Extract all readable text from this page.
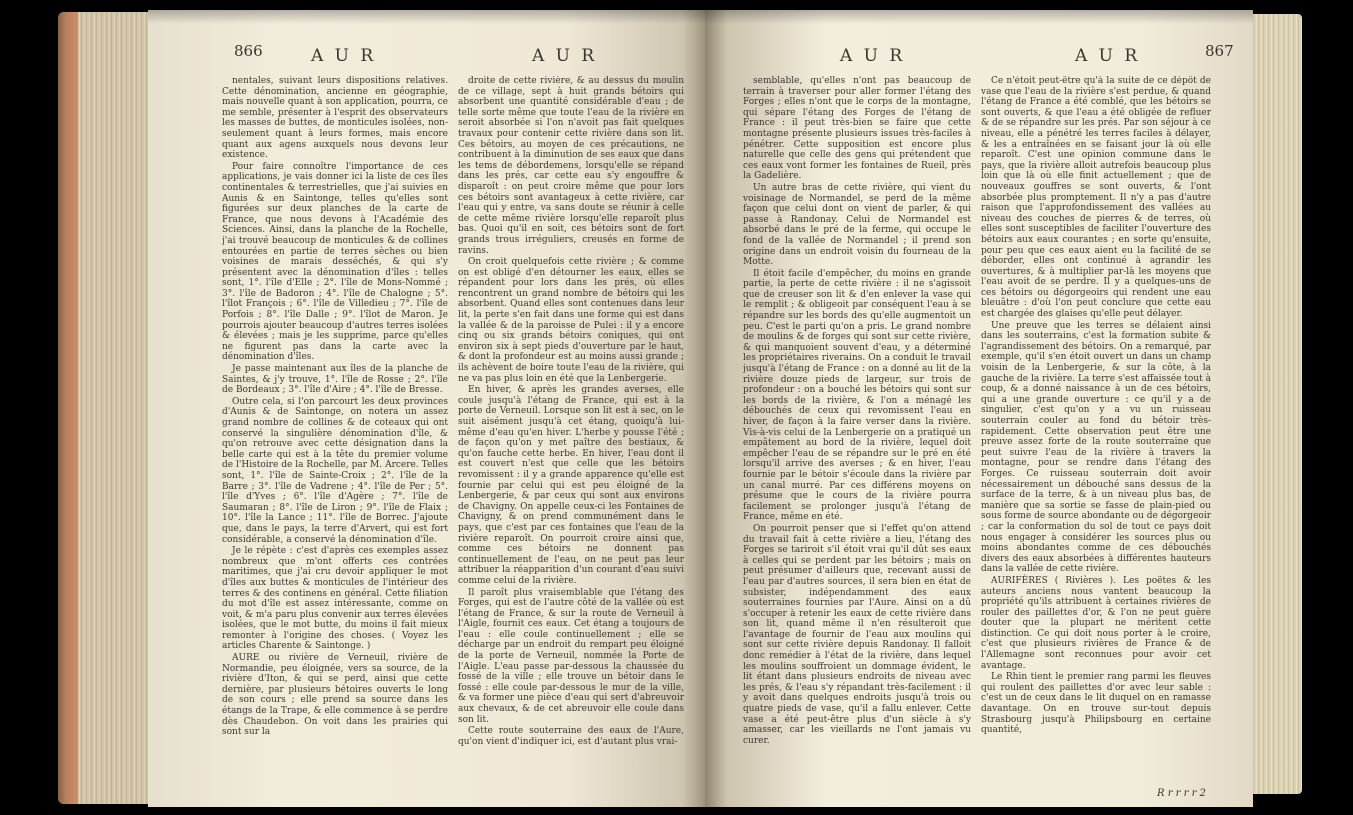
866	A U R	A U R

nentales, suivant leurs dispositions relatives. Cette dénomination, ancienne en géographie, mais nouvelle quant à son application, pourra, ce me semble, présenter à l'esprit des observateurs les masses de buttes, de monticules isolées, non-seulement quant à leurs formes, mais encore quant aux agens auxquels nous devons leur existence.

Pour faire connoître l'importance de ces applications, je vais donner ici la liste de ces îles continentales & terrestrielles, que j'ai suivies en Aunis & en Saintonge, telles qu'elles sont figurées sur deux planches de la carte de France, que nous devons à l'Académie des Sciences. Ainsi, dans la planche de la Rochelle, j'ai trouvé beaucoup de monticules & de collines entourées en partie de terres sèches ou bien voisines de marais desséchés, & qui s'y présentent avec la dénomination d'îles : telles sont, 1°. l'île d'Elle ; 2°. l'île de Mons-Nommé ; 3°. l'île de Badoron ; 4°. l'île de Chalogne ; 5°. l'îlot François ; 6°. l'île de Villedieu ; 7°. l'île de Porfois ; 8°. l'île Dalle ; 9°. l'îlot de Maron. Je pourrois ajouter beaucoup d'autres terres isolées & élevées ; mais je les supprime, parce qu'elles ne figurent pas dans la carte avec la dénomination d'îles.

Je passe maintenant aux îles de la planche de Saintes, & j'y trouve, 1°. l'île de Rosse ; 2°. l'île de Bordeaux ; 3°. l'île d'Aire ; 4°. l'île de Bresse.

Outre cela, si l'on parcourt les deux provinces d'Aunis & de Saintonge, on notera un assez grand nombre de collines & de coteaux qui ont conservé la singulière dénomination d'île, & qu'on retrouve avec cette désignation dans la belle carte qui est à la tête du premier volume de l'Histoire de la Rochelle, par M. Arcere. Telles sont, 1°. l'île de Sainte-Croix ; 2°. l'île de la Barre ; 3°. l'île de Vadrene ; 4°. l'île de Per ; 5°. l'île d'Yves ; 6°. l'île d'Agère ; 7°. l'île de Saumaran ; 8°. l'île de Liron ; 9°. l'île de Flaix ; 10°. l'île la Lance ; 11°. l'île de Borrec. J'ajoute que, dans le pays, la terre d'Arvert, qui est fort considérable, a conservé la dénomination d'île.

Je le répète : c'est d'après ces exemples assez nombreux que m'ont offerts ces contrées maritimes, que j'ai cru devoir appliquer le mot d'îles aux buttes & monticules de l'intérieur des terres & des continens en général. Cette filiation du mot d'île est assez intéressante, comme on voit, & m'a paru plus convenir aux terres élevées isolées, que le mot butte, du moins il fait mieux remonter à l'origine des choses. ( Voyez les articles Charente & Saintonge. )

AURE ou rivière de Verneuil, rivière de Normandie, peu éloignée, vers sa source, de la rivière d'Iton, & qui se perd, ainsi que cette dernière, par plusieurs bétoires ouverts le long de son cours ; elle prend sa source dans les étangs de la Trape, & elle commence à se perdre dès Chaudebon. On voit dans les prairies qui sont sur la

droite de cette rivière, & au dessus du moulin de ce village, sept à huit grands bétoirs qui absorbent une quantité considérable d'eau ; de telle sorte même que toute l'eau de la rivière en seroit absorbée si l'on n'avoit pas fait quelques travaux pour contenir cette rivière dans son lit. Ces bétoirs, au moyen de ces précautions, ne contribuent à la diminution de ses eaux que dans les tems de débordemens, lorsqu'elle se répand dans les prés, car cette eau s'y engouffre & disparoît : on peut croire même que pour lors ces bétoirs sont avantageux à cette rivière, car l'eau qui y entre, va sans doute se réunir à celle de cette même rivière lorsqu'elle reparoît plus bas. Quoi qu'il en soit, ces bétoirs sont de fort grands trous irréguliers, creusés en forme de ravins.

On croit quelquefois cette rivière ; & comme on est obligé d'en détourner les eaux, elles se répandent pour lors dans les prés, où elles rencontrent un grand nombre de bétoirs qui les absorbent. Quand elles sont contenues dans leur lit, la perte s'en fait dans une forme qui est dans la vallée & de la paroisse de Pulei : il y a encore cinq ou six grands bétoirs coniques, qui ont environ six à sept pieds d'ouverture par le haut, & dont la profondeur est au moins aussi grande ; ils achèvent de boire toute l'eau de la rivière, qui ne va pas plus loin en été que la Lenbergerie.

En hiver, & après les grandes averses, elle coule jusqu'à l'étang de France, qui est à la porte de Verneuil. Lorsque son lit est à sec, on le suit aisément jusqu'à cet étang, quoiqu'à lui-même d'eau qu'en hiver. L'herbe y pousse l'été ; de façon qu'on y met paître des bestiaux, & qu'on fauche cette herbe. En hiver, l'eau dont il est couvert n'est que celle que les bétoirs revomissent : il y a grande apparence qu'elle est fournie par celui qui est peu éloigné de la Lenbergerie, & par ceux qui sont aux environs de Chavigny. On appelle ceux-ci les Fontaines de Chavigny, & on prend communément dans le pays, que c'est par ces fontaines que l'eau de la rivière reparoît. On pourroit croire ainsi que, comme ces bétoirs ne donnent pas continuellement de l'eau, on ne peut pas leur attribuer la réapparition d'un courant d'eau suivi comme celui de la rivière.

Il paroît plus vraisemblable que l'étang des Forges, qui est de l'autre côté de la vallée où est l'étang de France, & sur la route de Verneuil à l'Aigle, fournit ces eaux. Cet étang a toujours de l'eau : elle coule continuellement ; elle se décharge par un endroit du rempart peu éloigné de la porte de Verneuil, nommée la Porte de l'Aigle. L'eau passe par-dessous la chaussée du fossé de la ville ; elle trouve un bétoir dans le fossé : elle coule par-dessous le mur de la ville, & va former une pièce d'eau qui sert d'abreuvoir aux chevaux, & de cet abreuvoir elle coule dans son lit.

Cette route souterraine des eaux de l'Aure, qu'on vient d'indiquer ici, est d'autant plus vrai-

A U R	A U R	867

semblable, qu'elles n'ont pas beaucoup de terrain à traverser pour aller former l'étang des Forges ; elles n'ont que le corps de la montagne, qui sépare l'étang des Forges de l'étang de France : il peut très-bien se faire que cette montagne présente plusieurs issues très-faciles à pénétrer. Cette supposition est encore plus naturelle que celle des gens qui prétendent que ces eaux vont former les fontaines de Rueil, près la Gadelière.

Un autre bras de cette rivière, qui vient du voisinage de Normandel, se perd de la même façon que celui dont on vient de parler, & qui passe à Randonay. Celui de Normandel est absorbé dans le pré de la ferme, qui occupe le fond de la vallée de Normandel ; il prend son origine dans un endroit voisin du fourneau de la Motte.

Il étoit facile d'empêcher, du moins en grande partie, la perte de cette rivière : il ne s'agissoit que de creuser son lit & d'en enlever la vase qui le remplit ; & obligeoit par conséquent l'eau à se répandre sur les bords des qu'elle augmentoit un peu. C'est le parti qu'on a pris. Le grand nombre de moulins & de forges qui sont sur cette rivière, & qui manquoient souvent d'eau, y a déterminé les propriétaires riverains. On a conduit le travail jusqu'à l'étang de France : on a donné au lit de la rivière douze pieds de largeur, sur trois de profondeur : on a bouché les bétoirs qui sont sur les bords de la rivière, & l'on a ménagé les débouchés de ceux qui revomissent l'eau en hiver, de façon à la faire verser dans la rivière. Vis-à-vis celui de la Lenbergerie on a pratiqué un empâtement au bord de la rivière, lequel doit empêcher l'eau de se répandre sur le pré en été lorsqu'il arrive des averses ; & en hiver, l'eau fournie par le bétoir s'écoule dans la rivière par un canal murré. Par ces différens moyens on présume que le cours de la rivière pourra facilement se prolonger jusqu'à l'étang de France, même en été.

On pourroit penser que si l'effet qu'on attend du travail fait à cette rivière a lieu, l'étang des Forges se tariroit s'il étoit vrai qu'il dût ses eaux à celles qui se perdent par les bétoirs ; mais on peut présumer d'ailleurs que, recevant aussi de l'eau par d'autres sources, il sera bien en état de subsister, indépendamment des eaux souterraines fournies par l'Aure. Ainsi on a dû s'occuper à retenir les eaux de cette rivière dans son lit, quand même il n'en résulteroit que l'avantage de fournir de l'eau aux moulins qui sont sur cette rivière depuis Randonay. Il falloit donc remédier à l'état de la rivière, dans lequel les moulins souffroient un dommage évident, le lit étant dans plusieurs endroits de niveau avec les prés, & l'eau s'y répandant très-facilement : il y avoit dans quelques endroits jusqu'à trois ou quatre pieds de vase, qu'il a fallu enlever. Cette vase a été peut-être plus d'un siècle à s'y amasser, car les vieillards ne l'ont jamais vu curer.

Ce n'étoit peut-être qu'à la suite de ce dépôt de vase que l'eau de la rivière s'est perdue, & quand l'étang de France a été comblé, que les bétoirs se sont ouverts, & que l'eau a été obligée de refluer & de se répandre sur les prés. Par son séjour à ce niveau, elle a pénétré les terres faciles à délayer, & les a entraînées en se faisant jour là où elle reparoît. C'est une opinion commune dans le pays, que la rivière alloit autrefois beaucoup plus loin que là où elle finit actuellement ; que de nouveaux gouffres se sont ouverts, & l'ont absorbée plus promptement. Il n'y a pas d'autre raison que l'approfondissement des vallées au niveau des couches de pierres & de terres, où elles sont susceptibles de faciliter l'ouverture des bétoirs aux eaux courantes ; en sorte qu'ensuite, pour peu que ces eaux aient eu la facilité de se déborder, elles ont continué à agrandir les ouvertures, & à multiplier par-là les moyens que l'eau avoit de se perdre. Il y a quelques-uns de ces bétoirs ou dégorgeoirs qui rendent une eau bleuâtre : d'où l'on peut conclure que cette eau est chargée des glaises qu'elle peut délayer.

Une preuve que les terres se délaient ainsi dans les souterrains, c'est la formation subite & l'agrandissement des bétoirs. On a remarqué, par exemple, qu'il s'en étoit ouvert un dans un champ voisin de la Lenbergerie, & sur la côte, à la gauche de la rivière. La terre s'est affaissée tout à coup, & a donné naissance à un de ces bétoirs, qui a une grande ouverture : ce qu'il y a de singulier, c'est qu'on y a vu un ruisseau souterrain couler au fond du bétoir très-rapidement. Cette observation peut être une preuve assez forte de la route souterraine que peut suivre l'eau de la rivière à travers la montagne, pour se rendre dans l'étang des Forges. Ce ruisseau souterrain doit avoir nécessairement un débouché sans dessus de la surface de la terre, & à un niveau plus bas, de manière que sa sortie se fasse de plain-pied ou sous forme de source abondante ou de dégorgeoir ; car la conformation du sol de tout ce pays doit nous engager à considérer les sources plus ou moins abondantes comme de ces débouchés divers des eaux absorbées à différentes hauteurs dans la vallée de cette rivière.

AURIFÈRES ( Rivières ). Les poëtes & les auteurs anciens nous vantent beaucoup la propriété qu'ils attribuent à certaines rivières de rouler des paillettes d'or, & l'on ne peut guère douter que la plupart ne méritent cette distinction. Ce qui doit nous porter à le croire, c'est que plusieurs rivières de France & de l'Allemagne sont reconnues pour avoir cet avantage.

Le Rhin tient le premier rang parmi les fleuves qui roulent des paillettes d'or avec leur sable : c'est un de ceux dans le lit duquel on en ramasse davantage. On en trouve sur-tout depuis Strasbourg jusqu'à Philipsbourg en certaine quantité,

R r r r r 2
